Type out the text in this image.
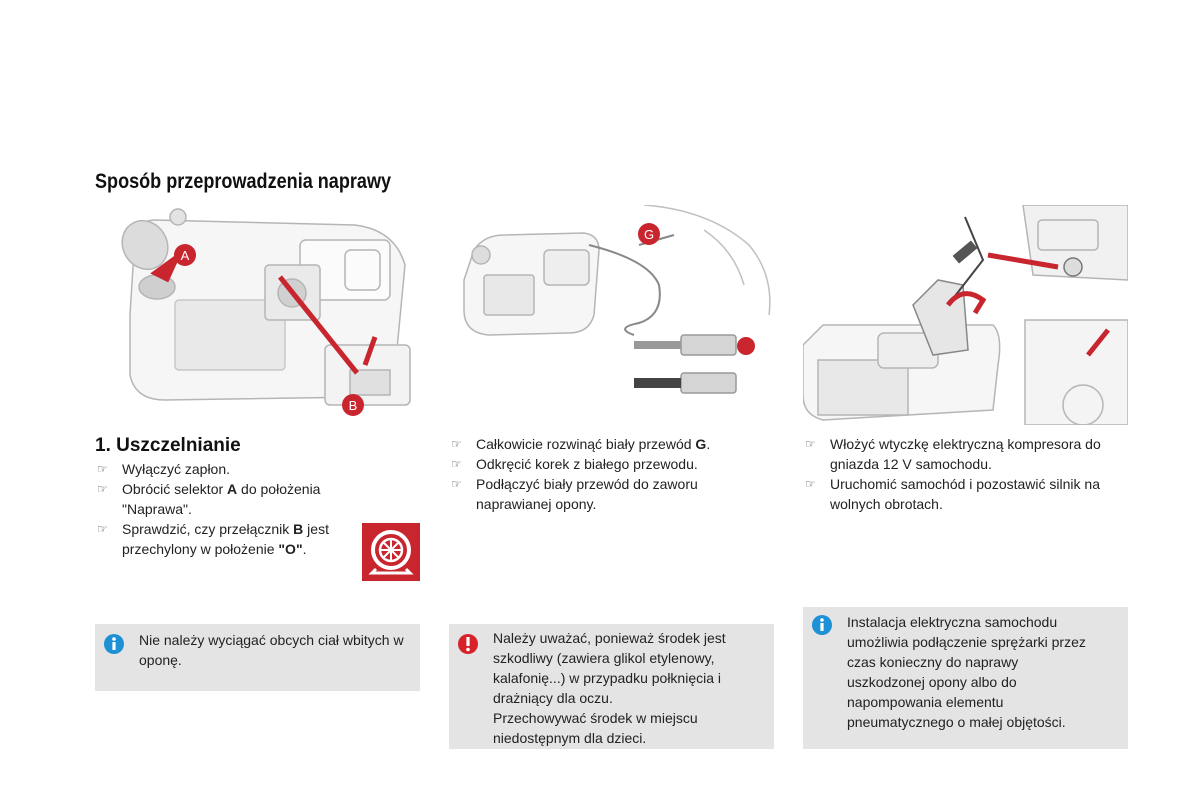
Sposób przeprowadzenia naprawy
A
B
G
1. Uszczelnianie
☞ Wyłączyć zapłon.
☞ Obrócić selektor A do położenia "Naprawa".
☞ Sprawdzić, czy przełącznik B jest przechylony w położenie "O".
☞ Całkowicie rozwinąć biały przewód G.
☞ Odkręcić korek z białego przewodu.
☞ Podłączyć biały przewód do zaworu naprawianej opony.
☞ Włożyć wtyczkę elektryczną kompresora do gniazda 12 V samochodu.
☞ Uruchomić samochód i pozostawić silnik na wolnych obrotach.
Nie należy wyciągać obcych ciał wbitych w oponę.
Należy uważać, ponieważ środek jest szkodliwy (zawiera glikol etylenowy, kalafonię...) w przypadku połknięcia i drażniący dla oczu.
Przechowywać środek w miejscu niedostępnym dla dzieci.
Instalacja elektryczna samochodu umożliwia podłączenie sprężarki przez czas konieczny do naprawy uszkodzonej opony albo do napompowania elementu pneumatycznego o małej objętości.
